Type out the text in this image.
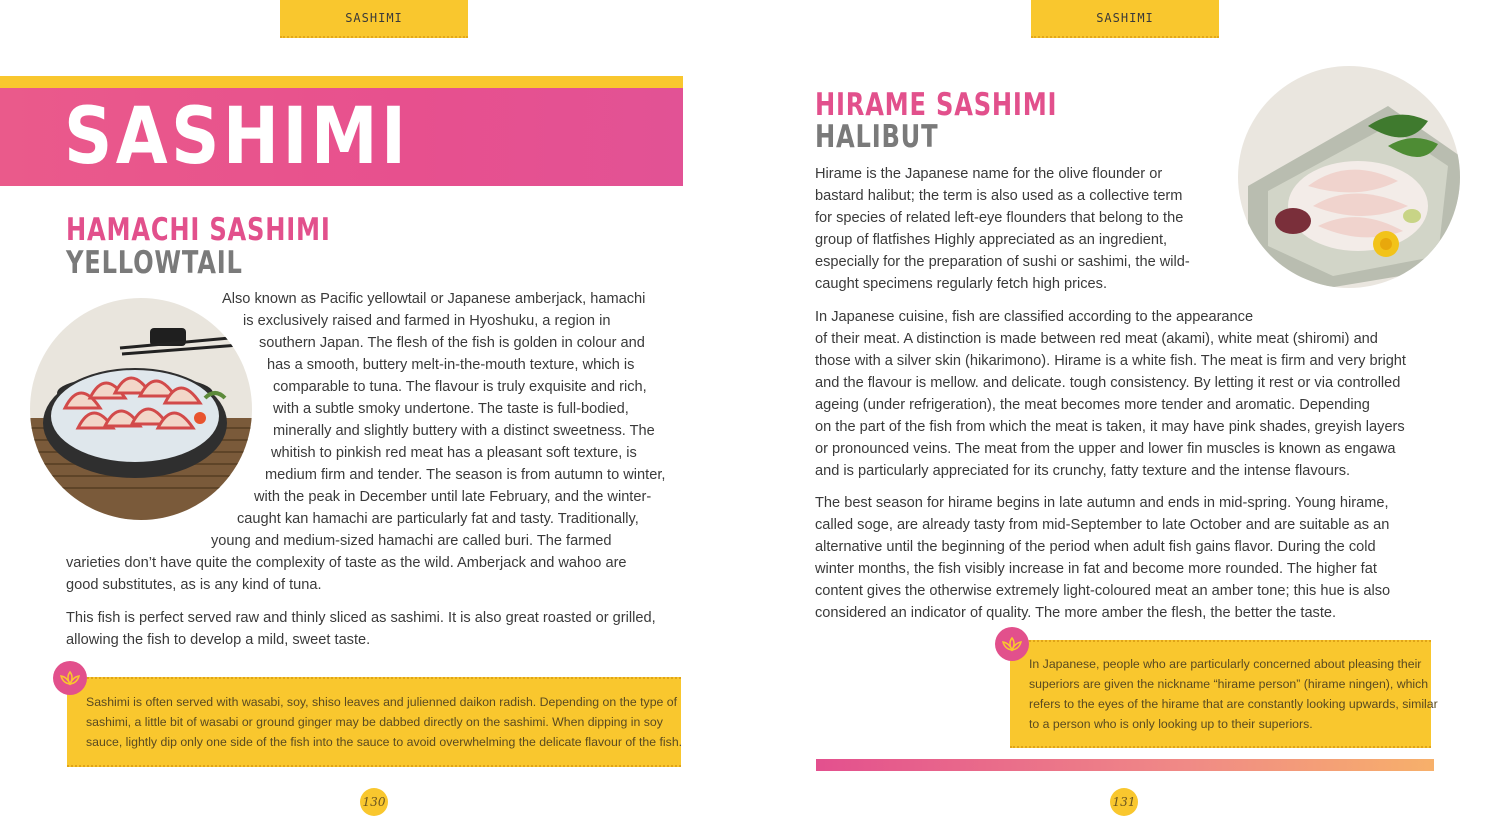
SASHIMI	SASHIMI
SASHIMI
HAMACHI SASHIMI
YELLOWTAIL
Also known as Pacific yellowtail or Japanese amberjack, hamachi
is exclusively raised and farmed in Hyoshuku, a region in
southern Japan. The flesh of the fish is golden in colour and
has a smooth, buttery melt-in-the-mouth texture, which is
comparable to tuna. The flavour is truly exquisite and rich,
with a subtle smoky undertone. The taste is full-bodied,
minerally and slightly buttery with a distinct sweetness. The
whitish to pinkish red meat has a pleasant soft texture, is
medium firm and tender. The season is from autumn to winter,
with the peak in December until late February, and the winter-
caught kan hamachi are particularly fat and tasty. Traditionally,
young and medium-sized hamachi are called buri. The farmed
varieties don’t have quite the complexity of taste as the wild. Amberjack and wahoo are
good substitutes, as is any kind of tuna.
This fish is perfect served raw and thinly sliced as sashimi. It is also great roasted or grilled,
allowing the fish to develop a mild, sweet taste.
Sashimi is often served with wasabi, soy, shiso leaves and julienned daikon radish. Depending on the type of
sashimi, a little bit of wasabi or ground ginger may be dabbed directly on the sashimi. When dipping in soy
sauce, lightly dip only one side of the fish into the sauce to avoid overwhelming the delicate flavour of the fish.
130
HIRAME SASHIMI
HALIBUT
Hirame is the Japanese name for the olive flounder or
bastard halibut; the term is also used as a collective term
for species of related left-eye flounders that belong to the
group of flatfishes Highly appreciated as an ingredient,
especially for the preparation of sushi or sashimi, the wild-
caught specimens regularly fetch high prices.
In Japanese cuisine, fish are classified according to the appearance
of their meat. A distinction is made between red meat (akami), white meat (shiromi) and
those with a silver skin (hikarimono). Hirame is a white fish. The meat is firm and very bright
and the flavour is mellow. and delicate. tough consistency. By letting it rest or via controlled
ageing (under refrigeration), the meat becomes more tender and aromatic. Depending
on the part of the fish from which the meat is taken, it may have pink shades, greyish layers
or pronounced veins. The meat from the upper and lower fin muscles is known as engawa
and is particularly appreciated for its crunchy, fatty texture and the intense flavours.
The best season for hirame begins in late autumn and ends in mid-spring. Young hirame,
called soge, are already tasty from mid-September to late October and are suitable as an
alternative until the beginning of the period when adult fish gains flavor. During the cold
winter months, the fish visibly increase in fat and become more rounded. The higher fat
content gives the otherwise extremely light-coloured meat an amber tone; this hue is also
considered an indicator of quality. The more amber the flesh, the better the taste.
In Japanese, people who are particularly concerned about pleasing their
superiors are given the nickname “hirame person” (hirame ningen), which
refers to the eyes of the hirame that are constantly looking upwards, similar
to a person who is only looking up to their superiors.
131
